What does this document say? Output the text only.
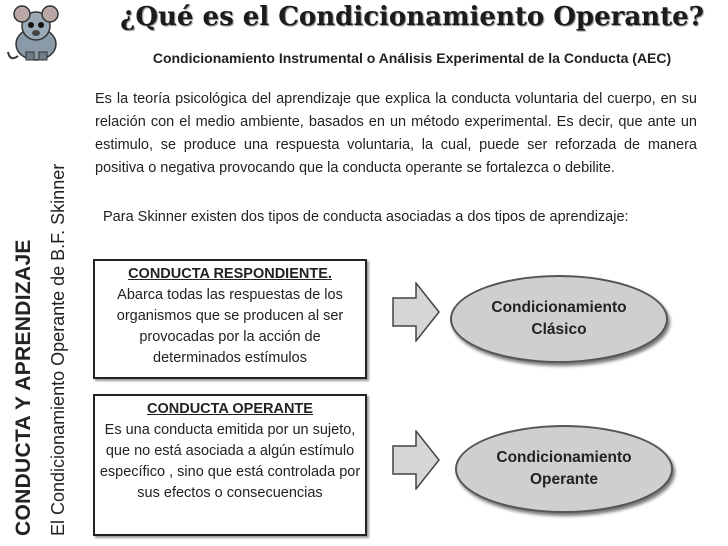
CONDUCTA Y APRENDIZAJE El Condicionamiento Operante de B.F. Skinner
¿Qué es el Condicionamiento Operante?
Condicionamiento Instrumental o Análisis Experimental de la Conducta (AEC)
Es la teoría psicológica del aprendizaje que explica la conducta voluntaria del cuerpo, en su relación con el medio ambiente, basados en un método experimental. Es decir, que ante un estimulo, se produce una respuesta voluntaria, la cual, puede ser reforzada de manera positiva o negativa provocando que la conducta operante se fortalezca o debilite.
Para Skinner existen dos tipos de conducta asociadas a dos tipos de aprendizaje:
CONDUCTA RESPONDIENTE.
Abarca todas las respuestas de los organismos que se producen al ser provocadas por la acción de determinados estímulos
CONDUCTA OPERANTE
Es una conducta emitida por un sujeto, que no está asociada a algún estímulo específico , sino que está controlada por sus efectos o consecuencias
Condicionamiento
Clásico
Condicionamiento
Operante
